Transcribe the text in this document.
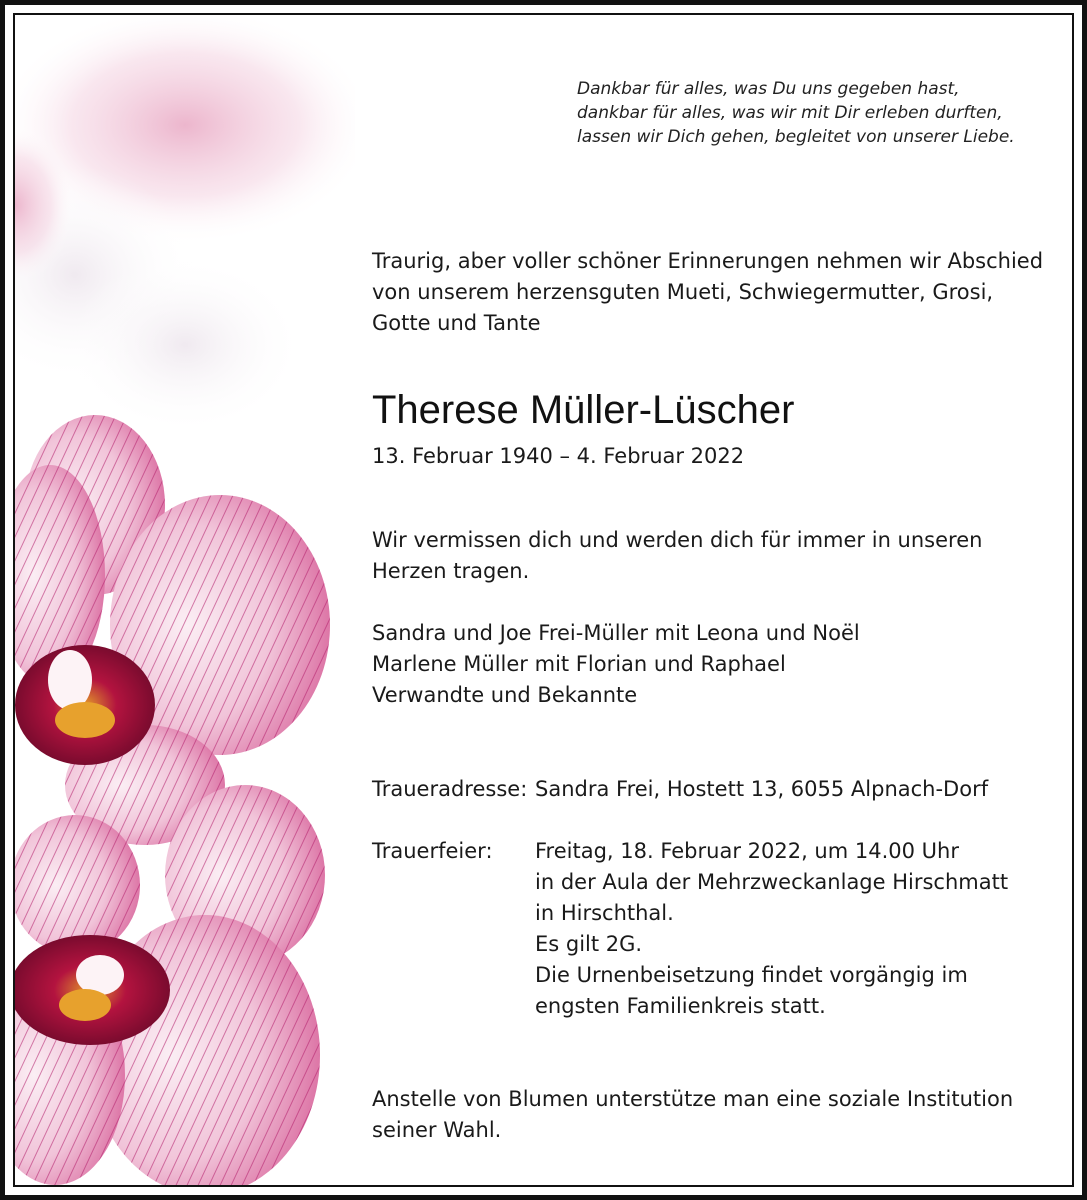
Dankbar für alles, was Du uns gegeben hast,
dankbar für alles, was wir mit Dir erleben durften,
lassen wir Dich gehen, begleitet von unserer Liebe.
Traurig, aber voller schöner Erinnerungen nehmen wir Abschied
von unserem herzensguten Mueti, Schwiegermutter, Grosi,
Gotte und Tante
Therese Müller-Lüscher
13. Februar 1940 – 4. Februar 2022
Wir vermissen dich und werden dich für immer in unseren
Herzen tragen.
Sandra und Joe Frei-Müller mit Leona und Noël
Marlene Müller mit Florian und Raphael
Verwandte und Bekannte
Traueradresse: Sandra Frei, Hostett 13, 6055 Alpnach-Dorf
Trauerfeier: Freitag, 18. Februar 2022, um 14.00 Uhr
in der Aula der Mehrzweckanlage Hirschmatt
in Hirschthal.
Es gilt 2G.
Die Urnenbeisetzung findet vorgängig im
engsten Familienkreis statt.
Anstelle von Blumen unterstütze man eine soziale Institution
seiner Wahl.
